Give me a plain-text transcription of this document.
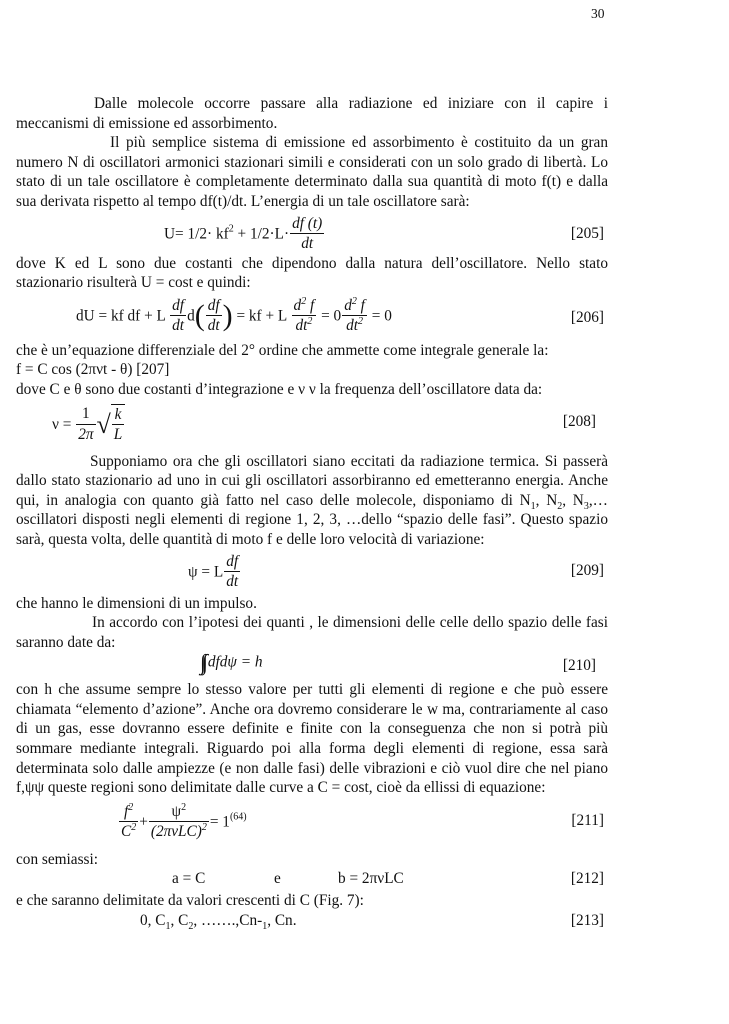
30

Dalle molecole occorre passare alla radiazione ed iniziare con il capire i meccanismi di emissione ed assorbimento.

Il più semplice sistema di emissione ed assorbimento è costituito da un gran numero N di oscillatori armonici stazionari simili e considerati con un solo grado di libertà. Lo stato di un tale oscillatore è completamente determinato dalla sua quantità di moto f(t) e dalla sua derivata rispetto al tempo df(t)/dt. L’energia di un tale oscillatore sarà:

$U= 1/2\cdot kf^2 + 1/2\cdot L\cdot \frac{df (t)}{dt}$	[205]

dove K ed L sono due costanti che dipendono dalla natura dell’oscillatore. Nello stato stazionario risulterà U = cost e quindi:

dU = kf df + L $\frac{df}{dt} d( \frac{df}{dt}$ ) = kf + L $\frac{d^2 f}{dt^2} = 0 \frac{d^2 f}{dt^2} = 0$	[206]

che è un’equazione differenziale del 2° ordine che ammette come integrale generale la:

f = C cos (2πνt - θ) [207]

dove C e θ sono due costanti d’integrazione e ν ν la frequenza dell’oscillatore data da:

$\nu = \frac{1}{2\pi}$ √ $\frac{k}{L}$	[208]

Supponiamo ora che gli oscillatori siano eccitati da radiazione termica. Si passerà dallo stato stazionario ad uno in cui gli oscillatori assorbiranno ed emetteranno energia. Anche qui, in analogia con quanto già fatto nel caso delle molecole, disponiamo di $N_1$, $N_2$, $N_3,\dots$ oscillatori disposti negli elementi di regione 1, 2, 3, …dello “spazio delle fasi”. Questo spazio sarà, questa volta, delle quantità di moto f e delle loro velocità di variazione:

ψ = L $\frac{df}{dt}$	[209]

che hanno le dimensioni di un impulso.

In accordo con l’ipotesi dei quanti , le dimensioni delle celle dello spazio delle fasi saranno date da:

∫∫ dfdψ = h	[210]

con h che assume sempre lo stesso valore per tutti gli elementi di regione e che può essere chiamata “elemento d’azione”. Anche ora dovremo considerare le w ma, contrariamente al caso di un gas, esse dovranno essere definite e finite con la conseguenza che non si potrà più sommare mediante integrali. Riguardo poi alla forma degli elementi di regione, essa sarà determinata solo dalle ampiezze (e non dalle fasi) delle vibrazioni e ciò vuol dire che nel piano f,ψψ queste regioni sono delimitate dalle curve a C = cost, cioè da ellissi di equazione:

$\frac{f^2}{C^2} + \frac{\psi^2}{(2\pi\nu LC)^2} = 1^{(64)}$	[211]

con semiassi:

a = C	e	b = 2πνLC	[212]

e che saranno delimitate da valori crescenti di C (Fig. 7):

0, $C_1$, $C_2$, $\dots\dots.,Cn-_1$, Cn.	[213]
